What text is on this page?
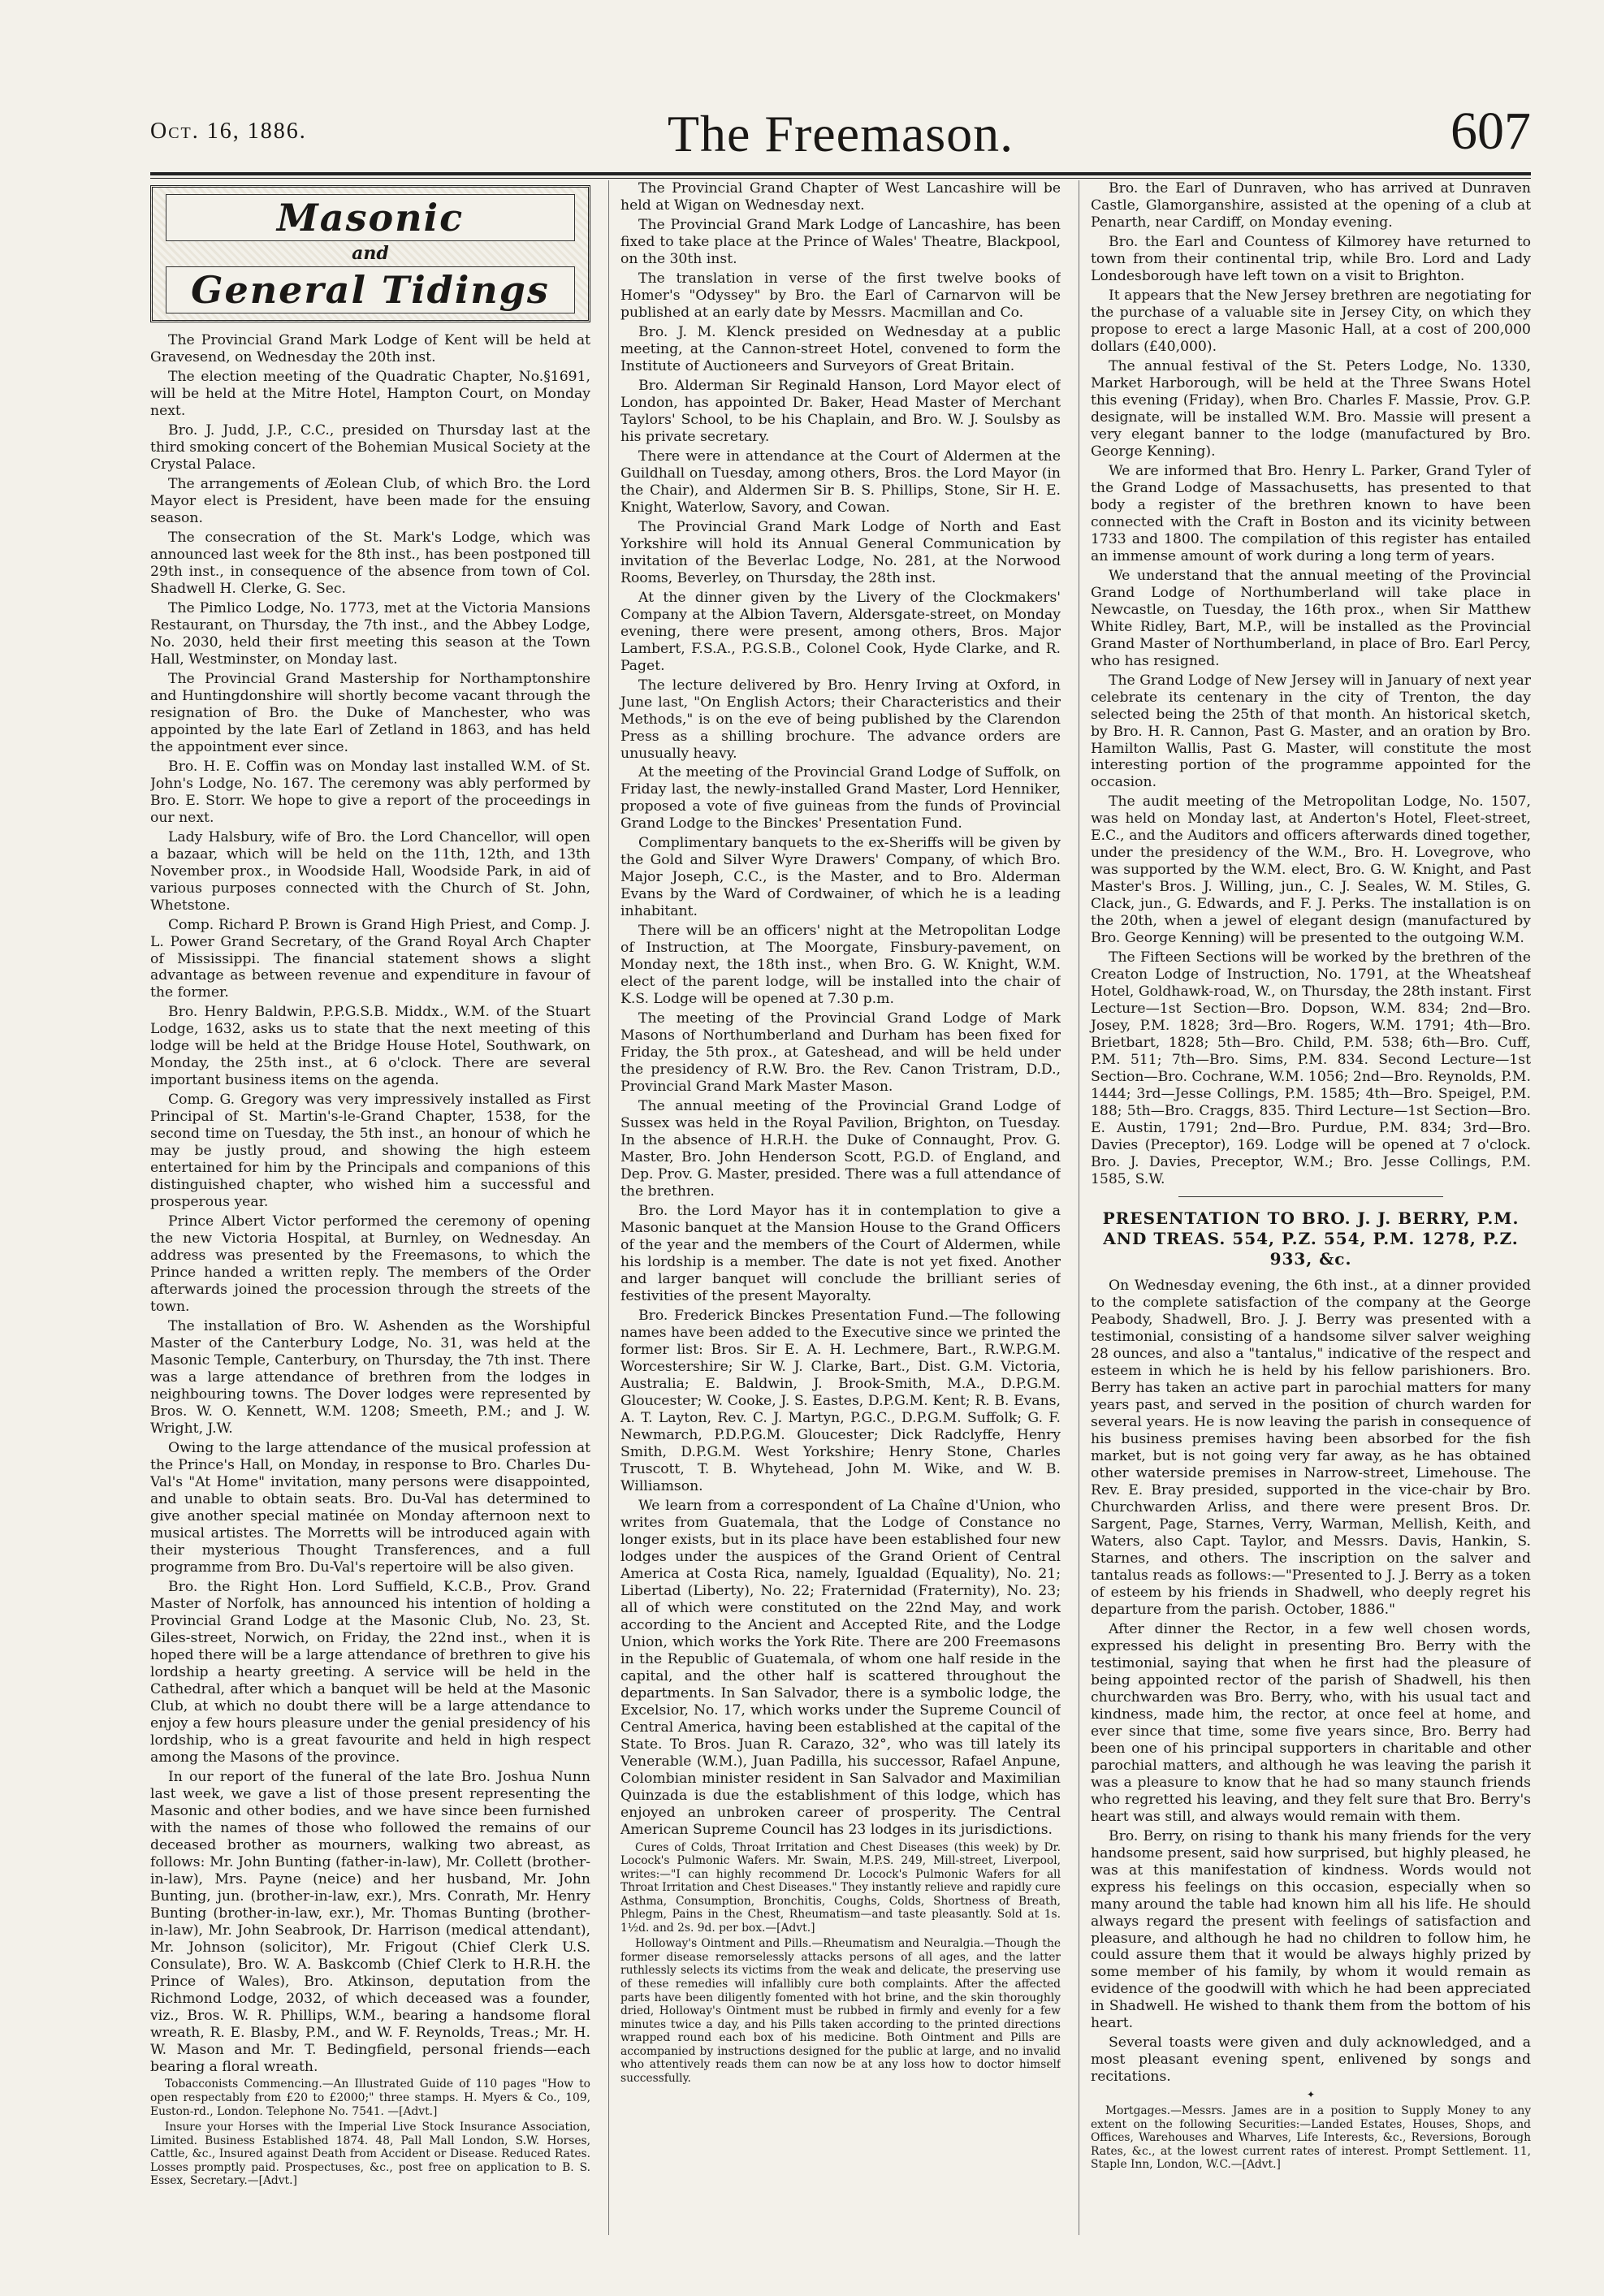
Oct. 16, 1886.	The Freemason.	607
Masonic
and
General Tidings

The Provincial Grand Mark Lodge of Kent will be held at Gravesend, on Wednesday the 20th inst.

The election meeting of the Quadratic Chapter, No.§1691, will be held at the Mitre Hotel, Hampton Court, on Monday next.

Bro. J. Judd, J.P., C.C., presided on Thursday last at the third smoking concert of the Bohemian Musical Society at the Crystal Palace.

The arrangements of Æolean Club, of which Bro. the Lord Mayor elect is President, have been made for the ensuing season.

The consecration of the St. Mark's Lodge, which was announced last week for the 8th inst., has been postponed till 29th inst., in consequence of the absence from town of Col. Shadwell H. Clerke, G. Sec.

The Pimlico Lodge, No. 1773, met at the Victoria Mansions Restaurant, on Thursday, the 7th inst., and the Abbey Lodge, No. 2030, held their first meeting this season at the Town Hall, Westminster, on Monday last.

The Provincial Grand Mastership for Northamptonshire and Huntingdonshire will shortly become vacant through the resignation of Bro. the Duke of Manchester, who was appointed by the late Earl of Zetland in 1863, and has held the appointment ever since.

Bro. H. E. Coffin was on Monday last installed W.M. of St. John's Lodge, No. 167. The ceremony was ably performed by Bro. E. Storr. We hope to give a report of the proceedings in our next.

Lady Halsbury, wife of Bro. the Lord Chancellor, will open a bazaar, which will be held on the 11th, 12th, and 13th November prox., in Woodside Hall, Woodside Park, in aid of various purposes connected with the Church of St. John, Whetstone.

Comp. Richard P. Brown is Grand High Priest, and Comp. J. L. Power Grand Secretary, of the Grand Royal Arch Chapter of Mississippi. The financial statement shows a slight advantage as between revenue and expenditure in favour of the former.

Bro. Henry Baldwin, P.P.G.S.B. Middx., W.M. of the Stuart Lodge, 1632, asks us to state that the next meeting of this lodge will be held at the Bridge House Hotel, Southwark, on Monday, the 25th inst., at 6 o'clock. There are several important business items on the agenda.

Comp. G. Gregory was very impressively installed as First Principal of St. Martin's-le-Grand Chapter, 1538, for the second time on Tuesday, the 5th inst., an honour of which he may be justly proud, and showing the high esteem entertained for him by the Principals and companions of this distinguished chapter, who wished him a successful and prosperous year.

Prince Albert Victor performed the ceremony of opening the new Victoria Hospital, at Burnley, on Wednesday. An address was presented by the Freemasons, to which the Prince handed a written reply. The members of the Order afterwards joined the procession through the streets of the town.

The installation of Bro. W. Ashenden as the Worshipful Master of the Canterbury Lodge, No. 31, was held at the Masonic Temple, Canterbury, on Thursday, the 7th inst. There was a large attendance of brethren from the lodges in neighbouring towns. The Dover lodges were represented by Bros. W. O. Kennett, W.M. 1208; Smeeth, P.M.; and J. W. Wright, J.W.

Owing to the large attendance of the musical profession at the Prince's Hall, on Monday, in response to Bro. Charles Du-Val's "At Home" invitation, many persons were disappointed, and unable to obtain seats. Bro. Du-Val has determined to give another special matinée on Monday afternoon next to musical artistes. The Morretts will be introduced again with their mysterious Thought Transferences, and a full programme from Bro. Du-Val's repertoire will be also given.

Bro. the Right Hon. Lord Suffield, K.C.B., Prov. Grand Master of Norfolk, has announced his intention of holding a Provincial Grand Lodge at the Masonic Club, No. 23, St. Giles-street, Norwich, on Friday, the 22nd inst., when it is hoped there will be a large attendance of brethren to give his lordship a hearty greeting. A service will be held in the Cathedral, after which a banquet will be held at the Masonic Club, at which no doubt there will be a large attendance to enjoy a few hours pleasure under the genial presidency of his lordship, who is a great favourite and held in high respect among the Masons of the province.

In our report of the funeral of the late Bro. Joshua Nunn last week, we gave a list of those present representing the Masonic and other bodies, and we have since been furnished with the names of those who followed the remains of our deceased brother as mourners, walking two abreast, as follows: Mr. John Bunting (father-in-law), Mr. Collett (brother-in-law), Mrs. Payne (neice) and her husband, Mr. John Bunting, jun. (brother-in-law, exr.), Mrs. Conrath, Mr. Henry Bunting (brother-in-law, exr.), Mr. Thomas Bunting (brother-in-law), Mr. John Seabrook, Dr. Harrison (medical attendant), Mr. Johnson (solicitor), Mr. Frigout (Chief Clerk U.S. Consulate), Bro. W. A. Baskcomb (Chief Clerk to H.R.H. the Prince of Wales), Bro. Atkinson, deputation from the Richmond Lodge, 2032, of which deceased was a founder, viz., Bros. W. R. Phillips, W.M., bearing a handsome floral wreath, R. E. Blasby, P.M., and W. F. Reynolds, Treas.; Mr. H. W. Mason and Mr. T. Bedingfield, personal friends—each bearing a floral wreath.

Tobacconists Commencing.—An Illustrated Guide of 110 pages "How to open respectably from £20 to £2000;" three stamps. H. Myers & Co., 109, Euston-rd., London. Telephone No. 7541. —[Advt.]

Insure your Horses with the Imperial Live Stock Insurance Association, Limited. Business Established 1874. 48, Pall Mall London, S.W. Horses, Cattle, &c., Insured against Death from Accident or Disease. Reduced Rates. Losses promptly paid. Prospectuses, &c., post free on application to B. S. Essex, Secretary.—[Advt.]

The Provincial Grand Chapter of West Lancashire will be held at Wigan on Wednesday next.

The Provincial Grand Mark Lodge of Lancashire, has been fixed to take place at the Prince of Wales' Theatre, Blackpool, on the 30th inst.

The translation in verse of the first twelve books of Homer's "Odyssey" by Bro. the Earl of Carnarvon will be published at an early date by Messrs. Macmillan and Co.

Bro. J. M. Klenck presided on Wednesday at a public meeting, at the Cannon-street Hotel, convened to form the Institute of Auctioneers and Surveyors of Great Britain.

Bro. Alderman Sir Reginald Hanson, Lord Mayor elect of London, has appointed Dr. Baker, Head Master of Merchant Taylors' School, to be his Chaplain, and Bro. W. J. Soulsby as his private secretary.

There were in attendance at the Court of Aldermen at the Guildhall on Tuesday, among others, Bros. the Lord Mayor (in the Chair), and Aldermen Sir B. S. Phillips, Stone, Sir H. E. Knight, Waterlow, Savory, and Cowan.

The Provincial Grand Mark Lodge of North and East Yorkshire will hold its Annual General Communication by invitation of the Beverlac Lodge, No. 281, at the Norwood Rooms, Beverley, on Thursday, the 28th inst.

At the dinner given by the Livery of the Clockmakers' Company at the Albion Tavern, Aldersgate-street, on Monday evening, there were present, among others, Bros. Major Lambert, F.S.A., P.G.S.B., Colonel Cook, Hyde Clarke, and R. Paget.

The lecture delivered by Bro. Henry Irving at Oxford, in June last, "On English Actors; their Characteristics and their Methods," is on the eve of being published by the Clarendon Press as a shilling brochure. The advance orders are unusually heavy.

At the meeting of the Provincial Grand Lodge of Suffolk, on Friday last, the newly-installed Grand Master, Lord Henniker, proposed a vote of five guineas from the funds of Provincial Grand Lodge to the Binckes' Presentation Fund.

Complimentary banquets to the ex-Sheriffs will be given by the Gold and Silver Wyre Drawers' Company, of which Bro. Major Joseph, C.C., is the Master, and to Bro. Alderman Evans by the Ward of Cordwainer, of which he is a leading inhabitant.

There will be an officers' night at the Metropolitan Lodge of Instruction, at The Moorgate, Finsbury-pavement, on Monday next, the 18th inst., when Bro. G. W. Knight, W.M. elect of the parent lodge, will be installed into the chair of K.S. Lodge will be opened at 7.30 p.m.

The meeting of the Provincial Grand Lodge of Mark Masons of Northumberland and Durham has been fixed for Friday, the 5th prox., at Gateshead, and will be held under the presidency of R.W. Bro. the Rev. Canon Tristram, D.D., Provincial Grand Mark Master Mason.

The annual meeting of the Provincial Grand Lodge of Sussex was held in the Royal Pavilion, Brighton, on Tuesday. In the absence of H.R.H. the Duke of Connaught, Prov. G. Master, Bro. John Henderson Scott, P.G.D. of England, and Dep. Prov. G. Master, presided. There was a full attendance of the brethren.

Bro. the Lord Mayor has it in contemplation to give a Masonic banquet at the Mansion House to the Grand Officers of the year and the members of the Court of Aldermen, while his lordship is a member. The date is not yet fixed. Another and larger banquet will conclude the brilliant series of festivities of the present Mayoralty.

Bro. Frederick Binckes Presentation Fund.—The following names have been added to the Executive since we printed the former list: Bros. Sir E. A. H. Lechmere, Bart., R.W.P.G.M. Worcestershire; Sir W. J. Clarke, Bart., Dist. G.M. Victoria, Australia; E. Baldwin, J. Brook-Smith, M.A., D.P.G.M. Gloucester; W. Cooke, J. S. Eastes, D.P.G.M. Kent; R. B. Evans, A. T. Layton, Rev. C. J. Martyn, P.G.C., D.P.G.M. Suffolk; G. F. Newmarch, P.D.P.G.M. Gloucester; Dick Radclyffe, Henry Smith, D.P.G.M. West Yorkshire; Henry Stone, Charles Truscott, T. B. Whytehead, John M. Wike, and W. B. Williamson.

We learn from a correspondent of La Chaîne d'Union, who writes from Guatemala, that the Lodge of Constance no longer exists, but in its place have been established four new lodges under the auspices of the Grand Orient of Central America at Costa Rica, namely, Igualdad (Equality), No. 21; Libertad (Liberty), No. 22; Fraternidad (Fraternity), No. 23; all of which were constituted on the 22nd May, and work according to the Ancient and Accepted Rite, and the Lodge Union, which works the York Rite. There are 200 Freemasons in the Republic of Guatemala, of whom one half reside in the capital, and the other half is scattered throughout the departments. In San Salvador, there is a symbolic lodge, the Excelsior, No. 17, which works under the Supreme Council of Central America, having been established at the capital of the State. To Bros. Juan R. Carazo, 32°, who was till lately its Venerable (W.M.), Juan Padilla, his successor, Rafael Anpune, Colombian minister resident in San Salvador and Maximilian Quinzada is due the establishment of this lodge, which has enjoyed an unbroken career of prosperity. The Central American Supreme Council has 23 lodges in its jurisdictions.

Cures of Colds, Throat Irritation and Chest Diseases (this week) by Dr. Locock's Pulmonic Wafers. Mr. Swain, M.P.S. 249, Mill-street, Liverpool, writes:—"I can highly recommend Dr. Locock's Pulmonic Wafers for all Throat Irritation and Chest Diseases." They instantly relieve and rapidly cure Asthma, Consumption, Bronchitis, Coughs, Colds, Shortness of Breath, Phlegm, Pains in the Chest, Rheumatism—and taste pleasantly. Sold at 1s. 1½d. and 2s. 9d. per box.—[Advt.]

Holloway's Ointment and Pills.—Rheumatism and Neuralgia.—Though the former disease remorselessly attacks persons of all ages, and the latter ruthlessly selects its victims from the weak and delicate, the preserving use of these remedies will infallibly cure both complaints. After the affected parts have been diligently fomented with hot brine, and the skin thoroughly dried, Holloway's Ointment must be rubbed in firmly and evenly for a few minutes twice a day, and his Pills taken according to the printed directions wrapped round each box of his medicine. Both Ointment and Pills are accompanied by instructions designed for the public at large, and no invalid who attentively reads them can now be at any loss how to doctor himself successfully.

Bro. the Earl of Dunraven, who has arrived at Dunraven Castle, Glamorganshire, assisted at the opening of a club at Penarth, near Cardiff, on Monday evening.

Bro. the Earl and Countess of Kilmorey have returned to town from their continental trip, while Bro. Lord and Lady Londesborough have left town on a visit to Brighton.

It appears that the New Jersey brethren are negotiating for the purchase of a valuable site in Jersey City, on which they propose to erect a large Masonic Hall, at a cost of 200,000 dollars (£40,000).

The annual festival of the St. Peters Lodge, No. 1330, Market Harborough, will be held at the Three Swans Hotel this evening (Friday), when Bro. Charles F. Massie, Prov. G.P. designate, will be installed W.M. Bro. Massie will present a very elegant banner to the lodge (manufactured by Bro. George Kenning).

We are informed that Bro. Henry L. Parker, Grand Tyler of the Grand Lodge of Massachusetts, has presented to that body a register of the brethren known to have been connected with the Craft in Boston and its vicinity between 1733 and 1800. The compilation of this register has entailed an immense amount of work during a long term of years.

We understand that the annual meeting of the Provincial Grand Lodge of Northumberland will take place in Newcastle, on Tuesday, the 16th prox., when Sir Matthew White Ridley, Bart, M.P., will be installed as the Provincial Grand Master of Northumberland, in place of Bro. Earl Percy, who has resigned.

The Grand Lodge of New Jersey will in January of next year celebrate its centenary in the city of Trenton, the day selected being the 25th of that month. An historical sketch, by Bro. H. R. Cannon, Past G. Master, and an oration by Bro. Hamilton Wallis, Past G. Master, will constitute the most interesting portion of the programme appointed for the occasion.

The audit meeting of the Metropolitan Lodge, No. 1507, was held on Monday last, at Anderton's Hotel, Fleet-street, E.C., and the Auditors and officers afterwards dined together, under the presidency of the W.M., Bro. H. Lovegrove, who was supported by the W.M. elect, Bro. G. W. Knight, and Past Master's Bros. J. Willing, jun., C. J. Seales, W. M. Stiles, G. Clack, jun., G. Edwards, and F. J. Perks. The installation is on the 20th, when a jewel of elegant design (manufactured by Bro. George Kenning) will be presented to the outgoing W.M.

The Fifteen Sections will be worked by the brethren of the Creaton Lodge of Instruction, No. 1791, at the Wheatsheaf Hotel, Goldhawk-road, W., on Thursday, the 28th instant. First Lecture—1st Section—Bro. Dopson, W.M. 834; 2nd—Bro. Josey, P.M. 1828; 3rd—Bro. Rogers, W.M. 1791; 4th—Bro. Brietbart, 1828; 5th—Bro. Child, P.M. 538; 6th—Bro. Cuff, P.M. 511; 7th—Bro. Sims, P.M. 834. Second Lecture—1st Section—Bro. Cochrane, W.M. 1056; 2nd—Bro. Reynolds, P.M. 1444; 3rd—Jesse Collings, P.M. 1585; 4th—Bro. Speigel, P.M. 188; 5th—Bro. Craggs, 835. Third Lecture—1st Section—Bro. E. Austin, 1791; 2nd—Bro. Purdue, P.M. 834; 3rd—Bro. Davies (Preceptor), 169. Lodge will be opened at 7 o'clock. Bro. J. Davies, Preceptor, W.M.; Bro. Jesse Collings, P.M. 1585, S.W.

PRESENTATION TO BRO. J. J. BERRY, P.M. AND TREAS. 554, P.Z. 554, P.M. 1278, P.Z. 933, &c.

On Wednesday evening, the 6th inst., at a dinner provided to the complete satisfaction of the company at the George Peabody, Shadwell, Bro. J. J. Berry was presented with a testimonial, consisting of a handsome silver salver weighing 28 ounces, and also a "tantalus," indicative of the respect and esteem in which he is held by his fellow parishioners. Bro. Berry has taken an active part in parochial matters for many years past, and served in the position of church warden for several years. He is now leaving the parish in consequence of his business premises having been absorbed for the fish market, but is not going very far away, as he has obtained other waterside premises in Narrow-street, Limehouse. The Rev. E. Bray presided, supported in the vice-chair by Bro. Churchwarden Arliss, and there were present Bros. Dr. Sargent, Page, Starnes, Verry, Warman, Mellish, Keith, and Waters, also Capt. Taylor, and Messrs. Davis, Hankin, S. Starnes, and others. The inscription on the salver and tantalus reads as follows:—"Presented to J. J. Berry as a token of esteem by his friends in Shadwell, who deeply regret his departure from the parish. October, 1886."

After dinner the Rector, in a few well chosen words, expressed his delight in presenting Bro. Berry with the testimonial, saying that when he first had the pleasure of being appointed rector of the parish of Shadwell, his then churchwarden was Bro. Berry, who, with his usual tact and kindness, made him, the rector, at once feel at home, and ever since that time, some five years since, Bro. Berry had been one of his principal supporters in charitable and other parochial matters, and although he was leaving the parish it was a pleasure to know that he had so many staunch friends who regretted his leaving, and they felt sure that Bro. Berry's heart was still, and always would remain with them.

Bro. Berry, on rising to thank his many friends for the very handsome present, said how surprised, but highly pleased, he was at this manifestation of kindness. Words would not express his feelings on this occasion, especially when so many around the table had known him all his life. He should always regard the present with feelings of satisfaction and pleasure, and although he had no children to follow him, he could assure them that it would be always highly prized by some member of his family, by whom it would remain as evidence of the goodwill with which he had been appreciated in Shadwell. He wished to thank them from the bottom of his heart.

Several toasts were given and duly acknowledged, and a most pleasant evening spent, enlivened by songs and recitations.

✦

Mortgages.—Messrs. James are in a position to Supply Money to any extent on the following Securities:—Landed Estates, Houses, Shops, and Offices, Warehouses and Wharves, Life Interests, &c., Reversions, Borough Rates, &c., at the lowest current rates of interest. Prompt Settlement. 11, Staple Inn, London, W.C.—[Advt.]
